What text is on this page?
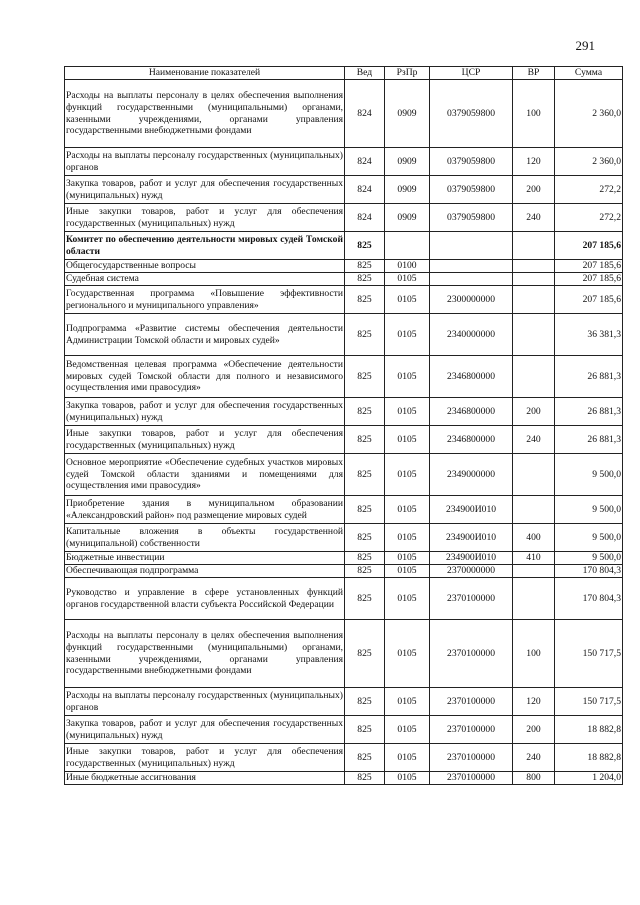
291
Наименование показателей	Вед	РзПр	ЦСР	ВР	Сумма
Расходы на выплаты персоналу в целях обеспечения выполнения функций государственными (муниципальными) органами, казенными учреждениями, органами управления государственными внебюджетными фондами	824	0909	0379059800	100	2 360,0
Расходы на выплаты персоналу государственных (муниципальных) органов	824	0909	0379059800	120	2 360,0
Закупка товаров, работ и услуг для обеспечения государственных (муниципальных) нужд	824	0909	0379059800	200	272,2
Иные закупки товаров, работ и услуг для обеспечения государственных (муниципальных) нужд	824	0909	0379059800	240	272,2
Комитет по обеспечению деятельности мировых судей Томской области	825				207 185,6
Общегосударственные вопросы	825	0100			207 185,6
Судебная система	825	0105			207 185,6
Государственная программа «Повышение эффективности регионального и муниципального управления»	825	0105	2300000000		207 185,6
Подпрограмма «Развитие системы обеспечения деятельности Администрации Томской области и мировых судей»	825	0105	2340000000		36 381,3
Ведомственная целевая программа «Обеспечение деятельности мировых судей Томской области для полного и независимого осуществления ими правосудия»	825	0105	2346800000		26 881,3
Закупка товаров, работ и услуг для обеспечения государственных (муниципальных) нужд	825	0105	2346800000	200	26 881,3
Иные закупки товаров, работ и услуг для обеспечения государственных (муниципальных) нужд	825	0105	2346800000	240	26 881,3
Основное мероприятие «Обеспечение судебных участков мировых судей Томской области зданиями и помещениями для осуществления ими правосудия»	825	0105	2349000000		9 500,0
Приобретение здания в муниципальном образовании «Александровский район» под размещение мировых судей	825	0105	234900И010		9 500,0
Капитальные вложения в объекты государственной (муниципальной) собственности	825	0105	234900И010	400	9 500,0
Бюджетные инвестиции	825	0105	234900И010	410	9 500,0
Обеспечивающая подпрограмма	825	0105	2370000000		170 804,3
Руководство и управление в сфере установленных функций органов государственной власти субъекта Российской Федерации	825	0105	2370100000		170 804,3
Расходы на выплаты персоналу в целях обеспечения выполнения функций государственными (муниципальными) органами, казенными учреждениями, органами управления государственными внебюджетными фондами	825	0105	2370100000	100	150 717,5
Расходы на выплаты персоналу государственных (муниципальных) органов	825	0105	2370100000	120	150 717,5
Закупка товаров, работ и услуг для обеспечения государственных (муниципальных) нужд	825	0105	2370100000	200	18 882,8
Иные закупки товаров, работ и услуг для обеспечения государственных (муниципальных) нужд	825	0105	2370100000	240	18 882,8
Иные бюджетные ассигнования	825	0105	2370100000	800	1 204,0
